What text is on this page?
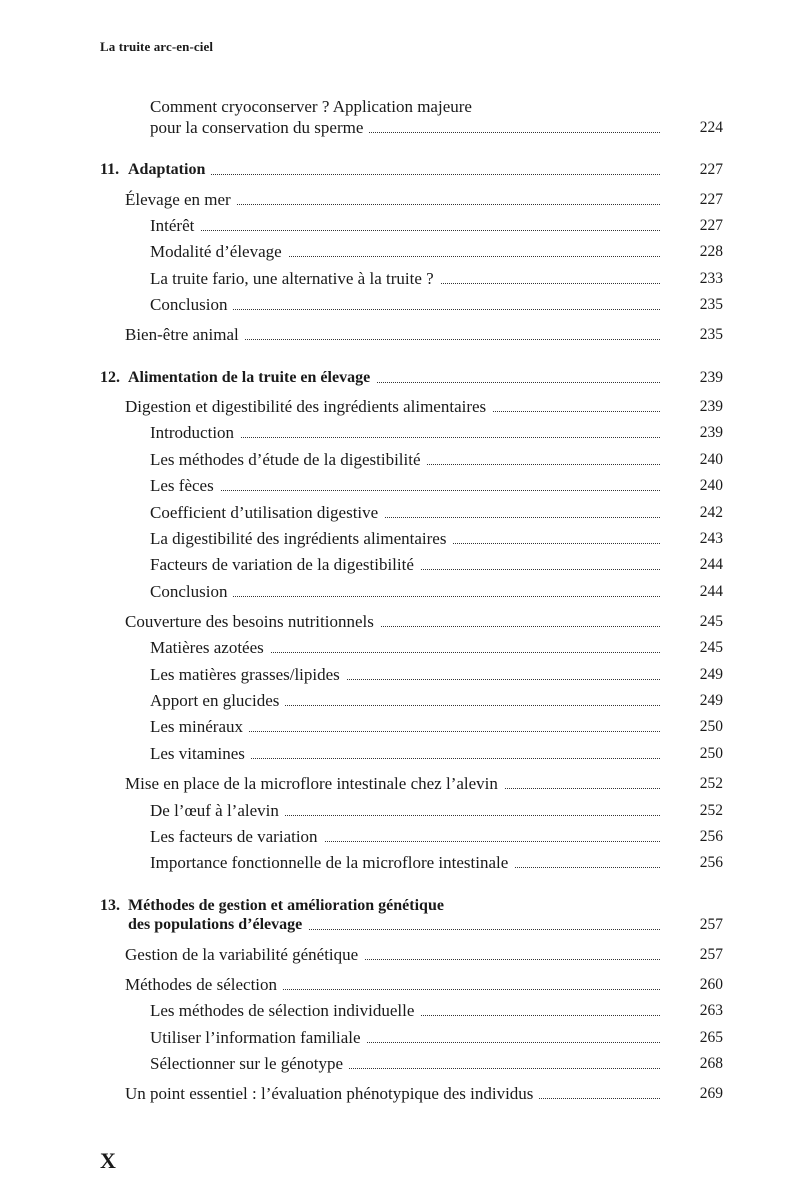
La truite arc-en-ciel
Comment cryoconserver ? Application majeure
pour la conservation du sperme	224
11. Adaptation	227
Élevage en mer	227
Intérêt	227
Modalité d’élevage	228
La truite fario, une alternative à la truite ?	233
Conclusion	235
Bien-être animal	235
12. Alimentation de la truite en élevage	239
Digestion et digestibilité des ingrédients alimentaires	239
Introduction	239
Les méthodes d’étude de la digestibilité	240
Les fèces	240
Coefficient d’utilisation digestive	242
La digestibilité des ingrédients alimentaires	243
Facteurs de variation de la digestibilité	244
Conclusion	244
Couverture des besoins nutritionnels	245
Matières azotées	245
Les matières grasses/lipides	249
Apport en glucides	249
Les minéraux	250
Les vitamines	250
Mise en place de la microflore intestinale chez l’alevin	252
De l’œuf à l’alevin	252
Les facteurs de variation	256
Importance fonctionnelle de la microflore intestinale	256
13. Méthodes de gestion et amélioration génétique
des populations d’élevage	257
Gestion de la variabilité génétique	257
Méthodes de sélection	260
Les méthodes de sélection individuelle	263
Utiliser l’information familiale	265
Sélectionner sur le génotype	268
Un point essentiel : l’évaluation phénotypique des individus	269
X
